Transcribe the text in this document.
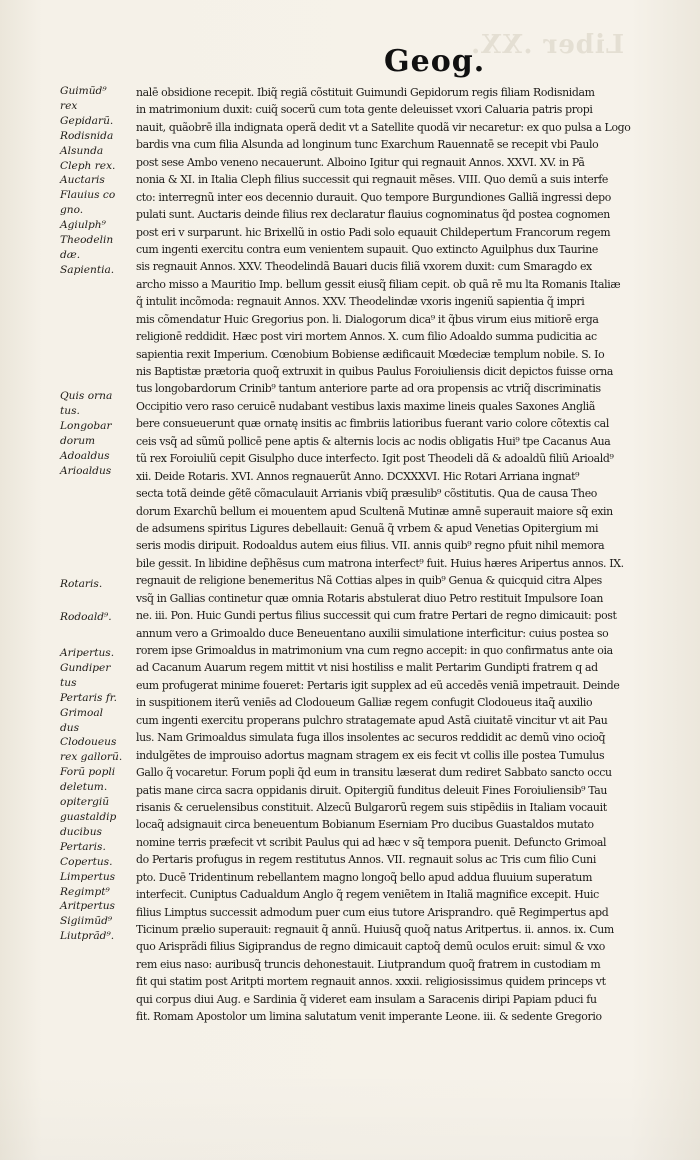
Liber .XX.
Geog.
Guimũd⁹
rex
Gepidarũ.
Rodisnida
Alsunda
Cleph rex.
Auctaris
Flauius co
gno.
Agiulph⁹
Theodelin
dæ.
Sapientia.
Quis orna
tus.
Longobar
dorum
Adoaldus
Arioaldus
Rotaris.
Rodoald⁹.
Aripertus.
Gundiper
tus
Pertaris fr.
Grimoal
dus
Clodoueus
rex gallorũ.
Forũ popli
deletum.
opitergiũ
guastaldip
ducibus
Pertaris.
Copertus.
Limpertus
Regimpt⁹
Aritpertus
Sigiimũd⁹
Liutprãd⁹.
nalē obsidione recepit. Ibiq̃ regiã cõstituit Guimundi Gepidorum regis filiam Rodisnidam
in matrimonium duxit: cuiq̃ socerũ cum tota gente deleuisset vxori Caluaria patris propi
nauit, quãobrē illa indignata operã dedit vt a Satellite quodã vir necaretur: ex quo pulsa a Logo
bardis vna cum filia Alsunda ad longinum tunc Exarchum Rauennatē se recepit vbi Paulo
post sese Ambo veneno necauerunt. Alboino Igitur qui regnauit Annos. XXVI. XV. in Pã
nonia & XI. in Italia Cleph filius successit qui regnauit mẽses. VIII. Quo demũ a suis interfe
cto: interregnũ inter eos decennio durauit. Quo tempore Burgundiones Galliã ingressi depo
pulati sunt. Auctaris deinde filius rex declaratur flauius cognominatus q̃d postea cognomen
post eri v surparunt. hic Brixellũ in ostio Padi solo equauit Childepertum Francorum regem
cum ingenti exercitu contra eum venientem supauit. Quo extincto Aguilphus dux Taurine
sis regnauit Annos. XXV. Theodelindã Bauari ducis filiã vxorem duxit: cum Smaragdo ex
archo misso a Mauritio Imp. bellum gessit eiusq̃ filiam cepit. ob quã rē mu lta Romanis Italiæ
q̃ intulit incõmoda: regnauit Annos. XXV. Theodelindæ vxoris ingeniũ sapientia q̃ impri
mis cõmendatur Huic Gregorius pon. li. Dialogorum dica⁹ it q̃bus virum eius mitiorē erga
religionē reddidit. Hæc post viri mortem Annos. X. cum filio Adoaldo summa pudicitia ac
sapientia rexit Imperium. Cœnobium Bobiense ædificauit Mœdeciæ templum nobile. S. Io
nis Baptistæ prætoria quoq̃ extruxit in quibus Paulus Foroiuliensis dicit depictos fuisse orna
tus longobardorum Crinib⁹ tantum anteriore parte ad ora propensis ac vtriq̃ discriminatis
Occipitio vero raso ceruicē nudabant vestibus laxis maxime lineis quales Saxones Angliã
bere consueuerunt quæ ornatę insitis ac fimbriis latioribus fuerant vario colore cõtextis cal
ceis vsq̃ ad sũmũ pollicē pene aptis & alternis locis ac nodis obligatis Hui⁹ tpe Cacanus Aua
tũ rex Foroiuliũ cepit Gisulpho duce interfecto. Igit post Theodeli dã & adoaldũ filiũ Arioald⁹
xii. Deide Rotaris. XVI. Annos regnauerũt Anno. DCXXXVI. Hic Rotari Arriana ingnat⁹
secta totã deinde gẽtẽ cõmaculauit Arrianis vbiq̃ præsulib⁹ cõstitutis. Qua de causa Theo
dorum Exarchũ bellum ei mouentem apud Scultenã Mutinæ amnē superauit maiore sq̃ exin
de adsumens spiritus Ligures debellauit: Genuã q̃ vrbem & apud Venetias Opitergium mi
seris modis diripuit. Rodoaldus autem eius filius. VII. annis quib⁹ regno pfuit nihil memora
bile gessit. In libidine dep̃hẽsus cum matrona interfect⁹ fuit. Huius hæres Aripertus annos. IX.
regnauit de religione benemeritus Nã Cottias alpes in quib⁹ Genua & quicquid citra Alpes
vsq̃ in Gallias continetur quæ omnia Rotaris abstulerat diuo Petro restituit Impulsore Ioan
ne. iii. Pon. Huic Gundi pertus filius successit qui cum fratre Pertari de regno dimicauit: post
annum vero a Grimoaldo duce Beneuentano auxilii simulatione interficitur: cuius postea so
rorem ipse Grimoaldus in matrimonium vna cum regno accepit: in quo confirmatus ante oia
ad Cacanum Auarum regem mittit vt nisi hostiliss e malit Pertarim Gundipti fratrem q ad
eum profugerat minime foueret: Pertaris igit supplex ad eũ accedēs veniã impetrauit. Deinde
in suspitionem iterũ veniēs ad Clodoueum Galliæ regem confugit Clodoueus itaq̃ auxilio
cum ingenti exercitu properans pulchro stratagemate apud Astã ciuitatē vincitur vt ait Pau
lus. Nam Grimoaldus simulata fuga illos insolentes ac securos reddidit ac demũ vino ocioq̃
indulgẽtes de improuiso adortus magnam stragem ex eis fecit vt collis ille postea Tumulus
Gallo q̃ vocaretur. Forum popli q̃d eum in transitu læserat dum rediret Sabbato sancto occu
patis mane circa sacra oppidanis diruit. Opitergiũ funditus deleuit Fines Foroiuliensib⁹ Tau
risanis & ceruelensibus constituit. Alzecũ Bulgarorũ regem suis stipẽdiis in Italiam vocauit
locaq̃ adsignauit circa beneuentum Bobianum Eserniam Pro ducibus Guastaldos mutato
nomine terris præfecit vt scribit Paulus qui ad hæc v sq̃ tempora puenit. Defuncto Grimoal
do Pertaris profugus in regem restitutus Annos. VII. regnauit solus ac Tris cum filio Cuni
pto. Ducē Tridentinum rebellantem magno longoq̃ bello apud addua fluuium superatum
interfecit. Cuniptus Cadualdum Anglo q̃ regem veniẽtem in Italiã magnifice excepit. Huic
filius Limptus successit admodum puer cum eius tutore Arisprandro. quē Regimpertus apd
Ticinum prælio superauit: regnauit q̃ annũ. Huiusq̃ quoq̃ natus Aritpertus. ii. annos. ix. Cum
quo Arisprãdi filius Sigiprandus de regno dimicauit captoq̃ demũ oculos eruit: simul & vxo
rem eius naso: auribusq̃ truncis dehonestauit. Liutprandum quoq̃ fratrem in custodiam m
fit qui statim post Aritpti mortem regnauit annos. xxxii. religiosissimus quidem princeps vt
qui corpus diui Aug. e Sardinia q̃ videret eam insulam a Saracenis diripi Papiam pduci fu
fit. Romam Apostolor um limina salutatum venit imperante Leone. iii. & sedente Gregorio
